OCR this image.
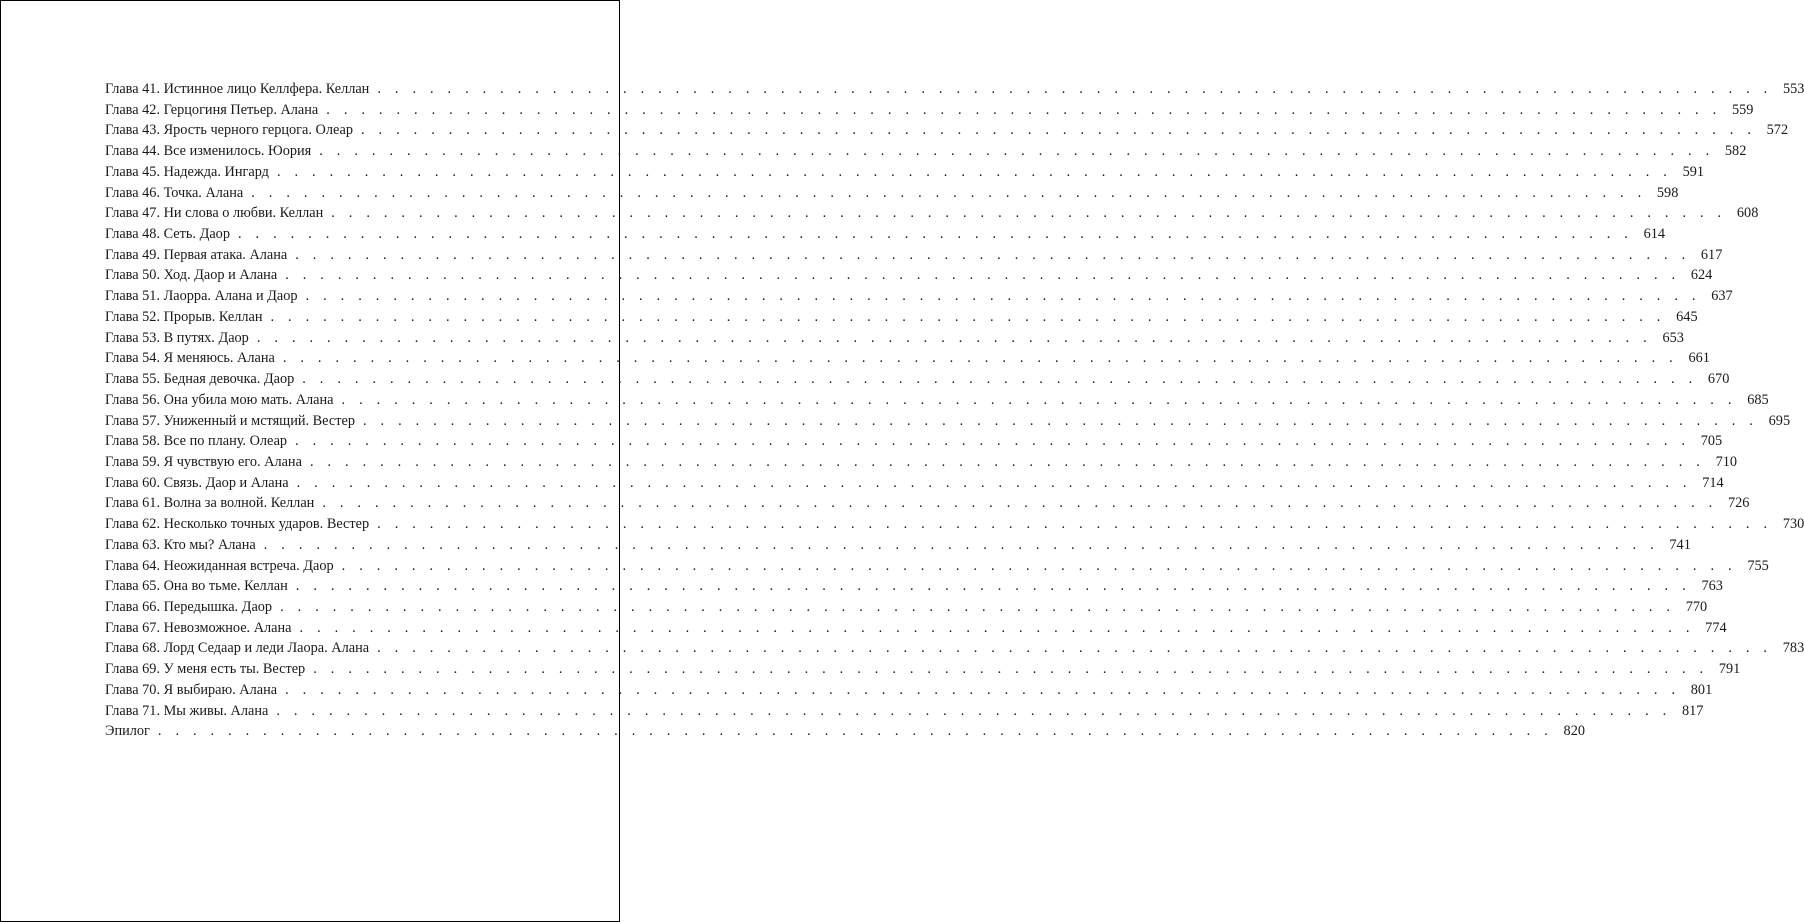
Глава 41. Истинное лицо Келлфера. Келлан . . . . . . . . . . . . . . . . . . . . . . . . . . . . . . . . . . . . . . . . . . . . . . . . . . . . . . . . . . . . . . . . . . . . . . . . . . . . . . . . 553
Глава 42. Герцогиня Петьер. Алана . . . . . . . . . . . . . . . . . . . . . . . . . . . . . . . . . . . . . . . . . . . . . . . . . . . . . . . . . . . . . . . . . . . . . . . . . . . . . . . . 559
Глава 43. Ярость черного герцога. Олеар . . . . . . . . . . . . . . . . . . . . . . . . . . . . . . . . . . . . . . . . . . . . . . . . . . . . . . . . . . . . . . . . . . . . . . . . . . . . . . . . 572
Глава 44. Все изменилось. Юория . . . . . . . . . . . . . . . . . . . . . . . . . . . . . . . . . . . . . . . . . . . . . . . . . . . . . . . . . . . . . . . . . . . . . . . . . . . . . . . . 582
Глава 45. Надежда. Ингард . . . . . . . . . . . . . . . . . . . . . . . . . . . . . . . . . . . . . . . . . . . . . . . . . . . . . . . . . . . . . . . . . . . . . . . . . . . . . . . . 591
Глава 46. Точка. Алана . . . . . . . . . . . . . . . . . . . . . . . . . . . . . . . . . . . . . . . . . . . . . . . . . . . . . . . . . . . . . . . . . . . . . . . . . . . . . . . . 598
Глава 47. Ни слова о любви. Келлан . . . . . . . . . . . . . . . . . . . . . . . . . . . . . . . . . . . . . . . . . . . . . . . . . . . . . . . . . . . . . . . . . . . . . . . . . . . . . . . . 608
Глава 48. Сеть. Даор . . . . . . . . . . . . . . . . . . . . . . . . . . . . . . . . . . . . . . . . . . . . . . . . . . . . . . . . . . . . . . . . . . . . . . . . . . . . . . . . 614
Глава 49. Первая атака. Алана . . . . . . . . . . . . . . . . . . . . . . . . . . . . . . . . . . . . . . . . . . . . . . . . . . . . . . . . . . . . . . . . . . . . . . . . . . . . . . . . 617
Глава 50. Ход. Даор и Алана . . . . . . . . . . . . . . . . . . . . . . . . . . . . . . . . . . . . . . . . . . . . . . . . . . . . . . . . . . . . . . . . . . . . . . . . . . . . . . . . 624
Глава 51. Лаорра. Алана и Даор . . . . . . . . . . . . . . . . . . . . . . . . . . . . . . . . . . . . . . . . . . . . . . . . . . . . . . . . . . . . . . . . . . . . . . . . . . . . . . . . 637
Глава 52. Прорыв. Келлан . . . . . . . . . . . . . . . . . . . . . . . . . . . . . . . . . . . . . . . . . . . . . . . . . . . . . . . . . . . . . . . . . . . . . . . . . . . . . . . . 645
Глава 53. В путях. Даор . . . . . . . . . . . . . . . . . . . . . . . . . . . . . . . . . . . . . . . . . . . . . . . . . . . . . . . . . . . . . . . . . . . . . . . . . . . . . . . . 653
Глава 54. Я меняюсь. Алана . . . . . . . . . . . . . . . . . . . . . . . . . . . . . . . . . . . . . . . . . . . . . . . . . . . . . . . . . . . . . . . . . . . . . . . . . . . . . . . . 661
Глава 55. Бедная девочка. Даор . . . . . . . . . . . . . . . . . . . . . . . . . . . . . . . . . . . . . . . . . . . . . . . . . . . . . . . . . . . . . . . . . . . . . . . . . . . . . . . . 670
Глава 56. Она убила мою мать. Алана . . . . . . . . . . . . . . . . . . . . . . . . . . . . . . . . . . . . . . . . . . . . . . . . . . . . . . . . . . . . . . . . . . . . . . . . . . . . . . . . 685
Глава 57. Униженный и мстящий. Вестер . . . . . . . . . . . . . . . . . . . . . . . . . . . . . . . . . . . . . . . . . . . . . . . . . . . . . . . . . . . . . . . . . . . . . . . . . . . . . . . . 695
Глава 58. Все по плану. Олеар . . . . . . . . . . . . . . . . . . . . . . . . . . . . . . . . . . . . . . . . . . . . . . . . . . . . . . . . . . . . . . . . . . . . . . . . . . . . . . . . 705
Глава 59. Я чувствую его. Алана . . . . . . . . . . . . . . . . . . . . . . . . . . . . . . . . . . . . . . . . . . . . . . . . . . . . . . . . . . . . . . . . . . . . . . . . . . . . . . . . 710
Глава 60. Связь. Даор и Алана . . . . . . . . . . . . . . . . . . . . . . . . . . . . . . . . . . . . . . . . . . . . . . . . . . . . . . . . . . . . . . . . . . . . . . . . . . . . . . . . 714
Глава 61. Волна за волной. Келлан . . . . . . . . . . . . . . . . . . . . . . . . . . . . . . . . . . . . . . . . . . . . . . . . . . . . . . . . . . . . . . . . . . . . . . . . . . . . . . . . 726
Глава 62. Несколько точных ударов. Вестер . . . . . . . . . . . . . . . . . . . . . . . . . . . . . . . . . . . . . . . . . . . . . . . . . . . . . . . . . . . . . . . . . . . . . . . . . . . . . . . . 730
Глава 63. Кто мы? Алана . . . . . . . . . . . . . . . . . . . . . . . . . . . . . . . . . . . . . . . . . . . . . . . . . . . . . . . . . . . . . . . . . . . . . . . . . . . . . . . . 741
Глава 64. Неожиданная встреча. Даор . . . . . . . . . . . . . . . . . . . . . . . . . . . . . . . . . . . . . . . . . . . . . . . . . . . . . . . . . . . . . . . . . . . . . . . . . . . . . . . . 755
Глава 65. Она во тьме. Келлан . . . . . . . . . . . . . . . . . . . . . . . . . . . . . . . . . . . . . . . . . . . . . . . . . . . . . . . . . . . . . . . . . . . . . . . . . . . . . . . . 763
Глава 66. Передышка. Даор . . . . . . . . . . . . . . . . . . . . . . . . . . . . . . . . . . . . . . . . . . . . . . . . . . . . . . . . . . . . . . . . . . . . . . . . . . . . . . . . 770
Глава 67. Невозможное. Алана . . . . . . . . . . . . . . . . . . . . . . . . . . . . . . . . . . . . . . . . . . . . . . . . . . . . . . . . . . . . . . . . . . . . . . . . . . . . . . . . 774
Глава 68. Лорд Седаар и леди Лаора. Алана . . . . . . . . . . . . . . . . . . . . . . . . . . . . . . . . . . . . . . . . . . . . . . . . . . . . . . . . . . . . . . . . . . . . . . . . . . . . . . . . 783
Глава 69. У меня есть ты. Вестер . . . . . . . . . . . . . . . . . . . . . . . . . . . . . . . . . . . . . . . . . . . . . . . . . . . . . . . . . . . . . . . . . . . . . . . . . . . . . . . . 791
Глава 70. Я выбираю. Алана . . . . . . . . . . . . . . . . . . . . . . . . . . . . . . . . . . . . . . . . . . . . . . . . . . . . . . . . . . . . . . . . . . . . . . . . . . . . . . . . 801
Глава 71. Мы живы. Алана . . . . . . . . . . . . . . . . . . . . . . . . . . . . . . . . . . . . . . . . . . . . . . . . . . . . . . . . . . . . . . . . . . . . . . . . . . . . . . . . 817
Эпилог . . . . . . . . . . . . . . . . . . . . . . . . . . . . . . . . . . . . . . . . . . . . . . . . . . . . . . . . . . . . . . . . . . . . . . . . . . . . . . . . 820
